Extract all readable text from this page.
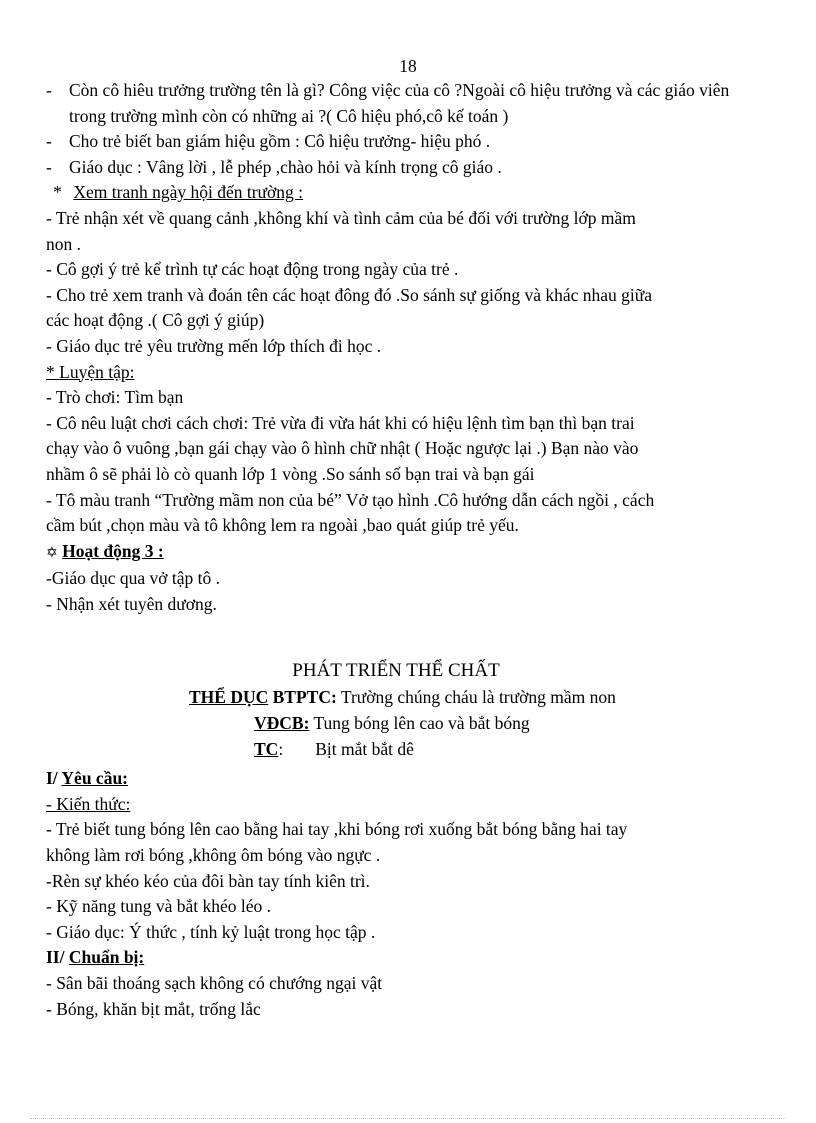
18
- Còn cô hiêu trưởng trường tên là gì? Công việc của cô ?Ngoài cô hiệu trưởng và các giáo viên trong trường mình còn có những ai ?( Cô hiệu phó,cô kế toán )
- Cho trẻ biết ban giám hiệu gồm : Cô hiệu trưởng- hiệu phó .
- Giáo dục : Vâng lời , lễ phép ,chào hỏi và kính trọng cô giáo .
* Xem tranh ngày hội đến trường :
- Trẻ nhận xét về quang cảnh ,không khí và tình cảm của bé đối với trường lớp mầm
non .
- Cô gợi ý trẻ kể trình tự các hoạt động trong ngày của trẻ .
- Cho trẻ xem tranh và đoán tên các hoạt đông đó .So sánh sự giống và khác nhau giữa
các hoạt động .( Cô gợi ý giúp)
- Giáo dục trẻ yêu trường mến lớp thích đi học .
* Luyện tập:
- Trò chơi: Tìm bạn
- Cô nêu luật chơi cách chơi: Trẻ vừa đi vừa hát khi có hiệu lệnh tìm bạn thì bạn trai
chạy vào ô vuông ,bạn gái chạy vào ô hình chữ nhật ( Hoặc ngược lại .) Bạn nào vào
nhầm ô sẽ phải lò cò quanh lớp 1 vòng .So sánh số bạn trai và bạn gái
- Tô màu tranh “Trường mầm non của bé” Vở tạo hình .Cô hướng dẫn cách ngồi , cách
cầm bút ,chọn màu và tô không lem ra ngoài ,bao quát giúp trẻ yếu.
✡ Hoạt động 3 :
-Giáo dục qua vở tập tô .
- Nhận xét tuyên dương.
PHÁT TRIỂN THỂ CHẤT
THỂ DỤC BTPTC: Trường chúng cháu là trường mầm non
VĐCB: Tung bóng lên cao và bắt bóng
TC: Bịt mắt bắt dê
I/ Yêu cầu:
- Kiến thức:
- Trẻ biết tung bóng lên cao bằng hai tay ,khi bóng rơi xuống bắt bóng bằng hai tay
không làm rơi bóng ,không ôm bóng vào ngực .
-Rèn sự khéo kéo của đôi bàn tay tính kiên trì.
- Kỹ năng tung và bắt khéo léo .
- Giáo dục: Ý thức , tính kỷ luật trong học tập .
II/ Chuẩn bị:
- Sân bãi thoáng sạch không có chướng ngại vật
- Bóng, khăn bịt mắt, trống lắc
